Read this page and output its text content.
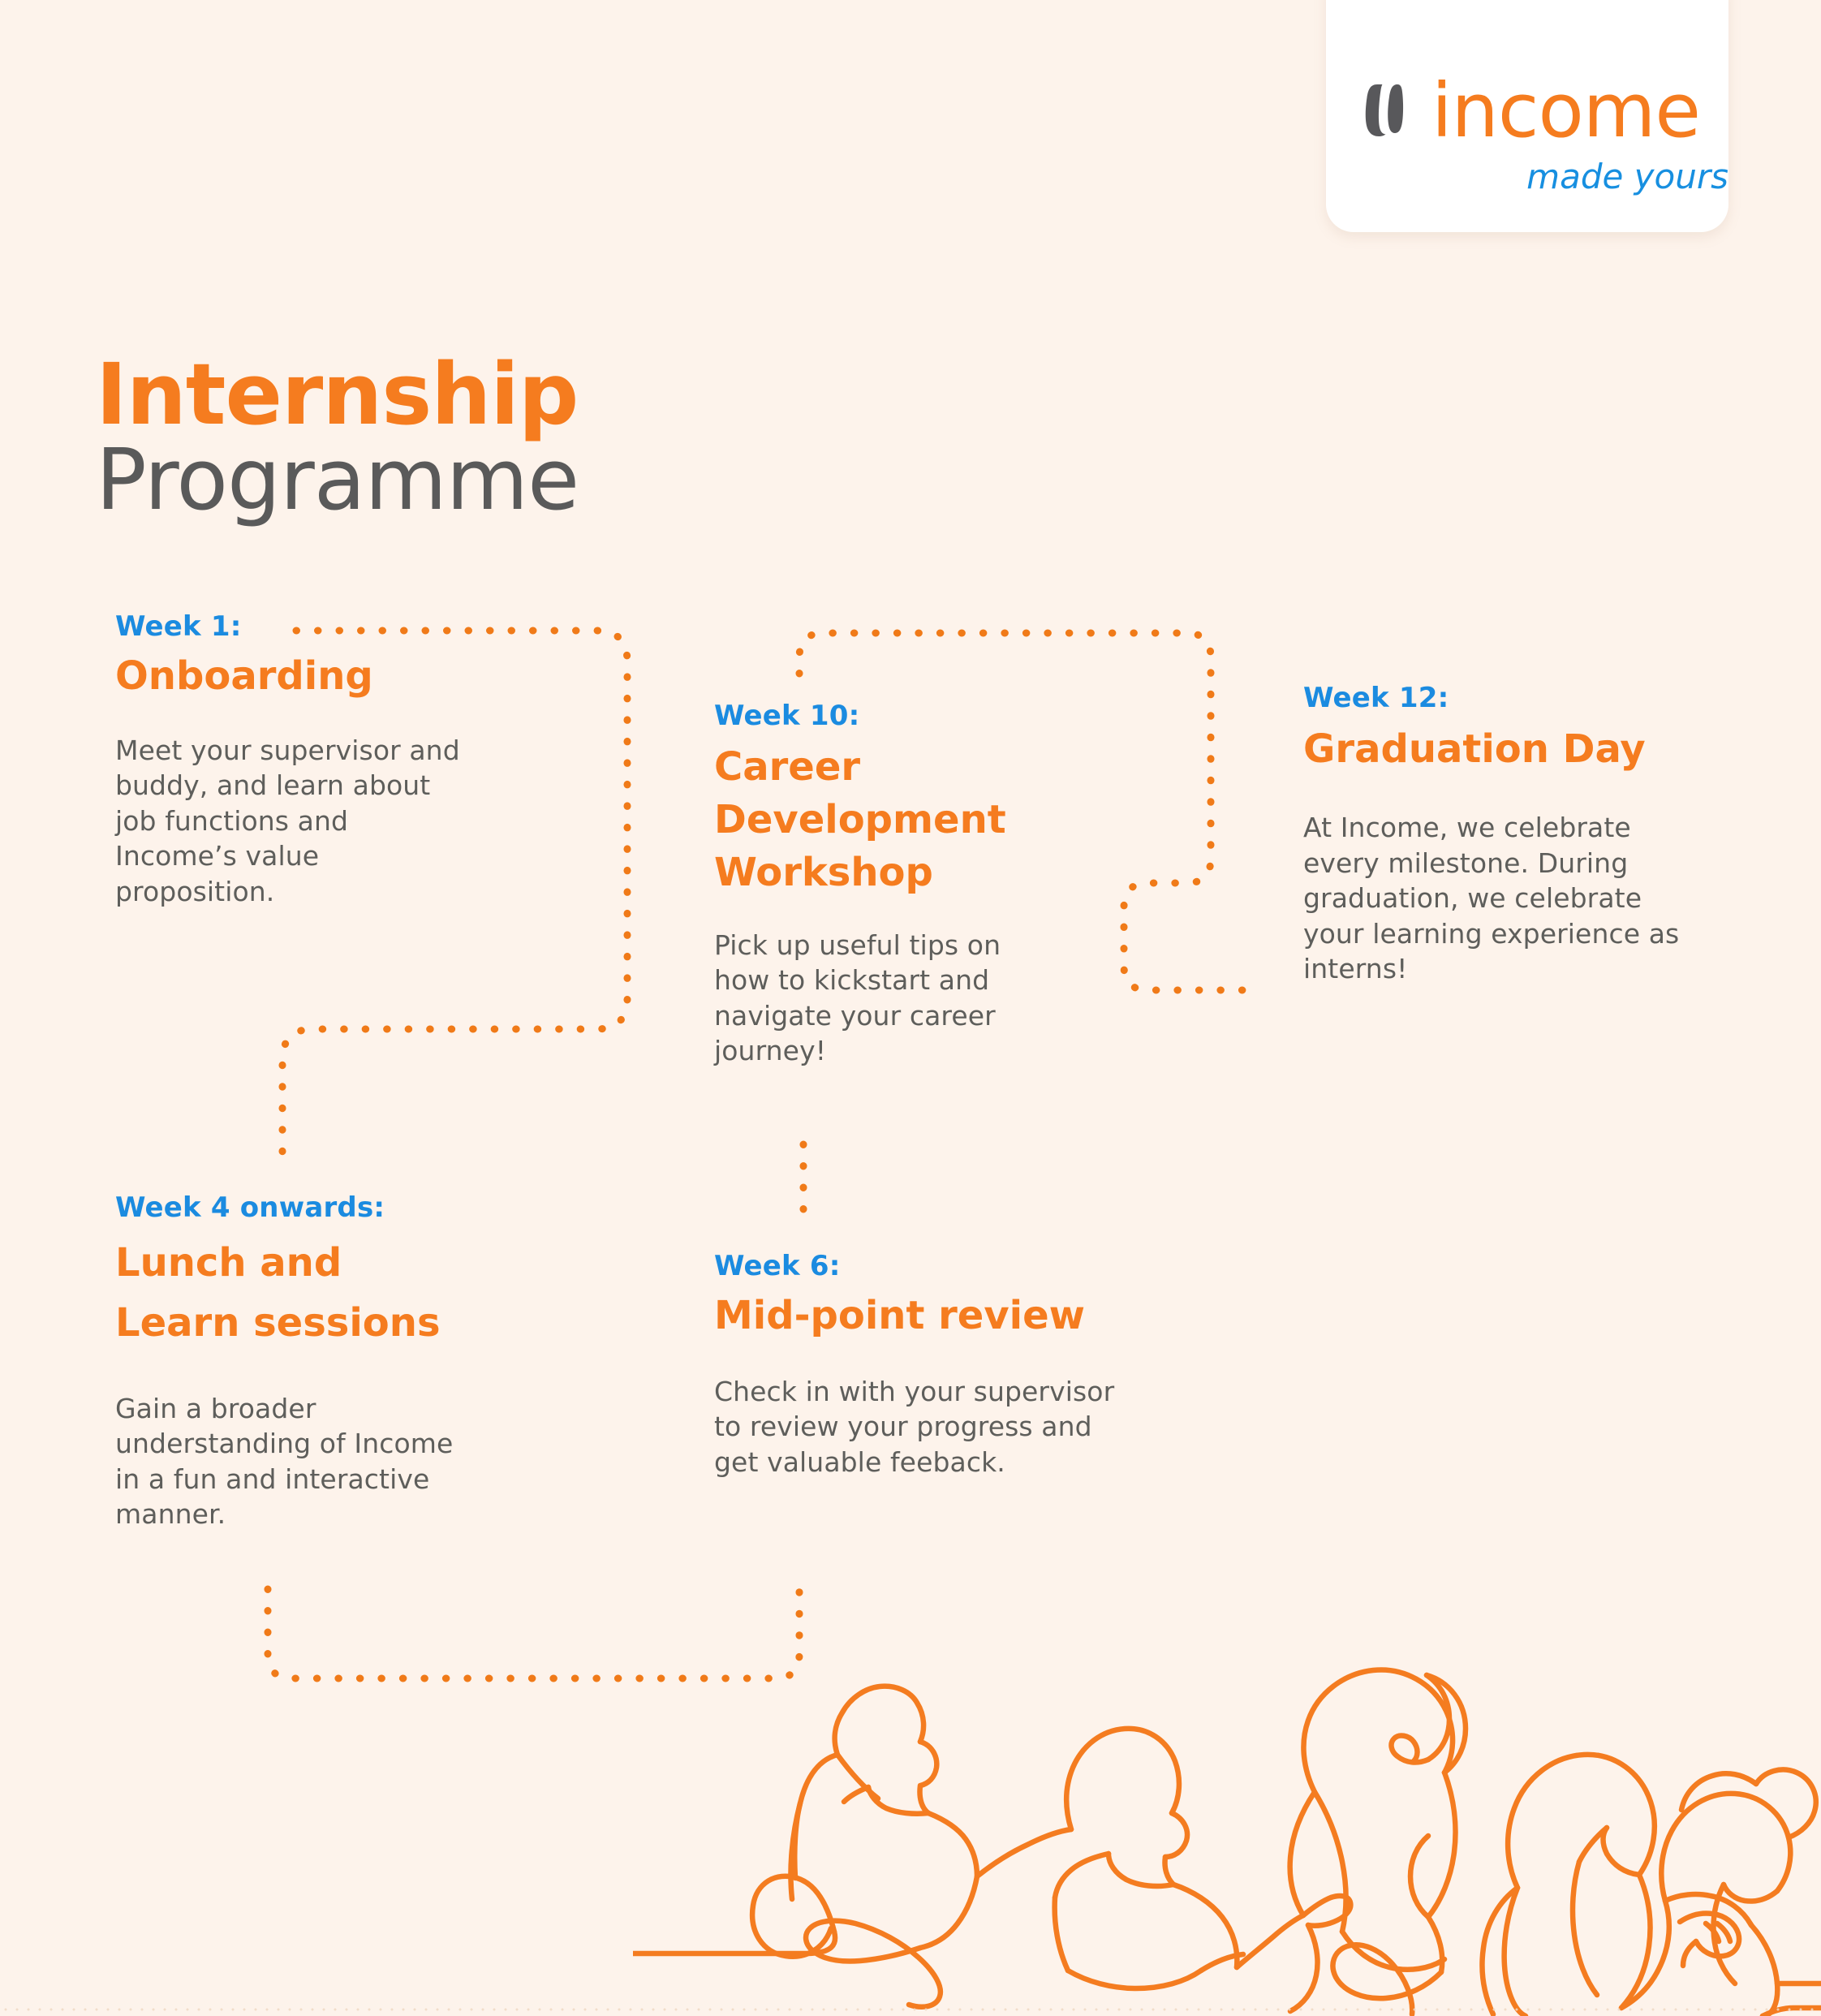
income
made yours
Internship
Programme
Week 1:
Onboarding
Meet your supervisor and buddy, and learn about job functions and Income’s value proposition.
Week 10:
Career Development Workshop
Pick up useful tips on how to kickstart and navigate your career journey!
Week 12:
Graduation Day
At Income, we celebrate every milestone. During graduation, we celebrate your learning experience as interns!
Week 4 onwards:
Lunch and Learn sessions
Gain a broader understanding of Income in a fun and interactive manner.
Week 6:
Mid-point review
Check in with your supervisor to review your progress and get valuable feeback.
